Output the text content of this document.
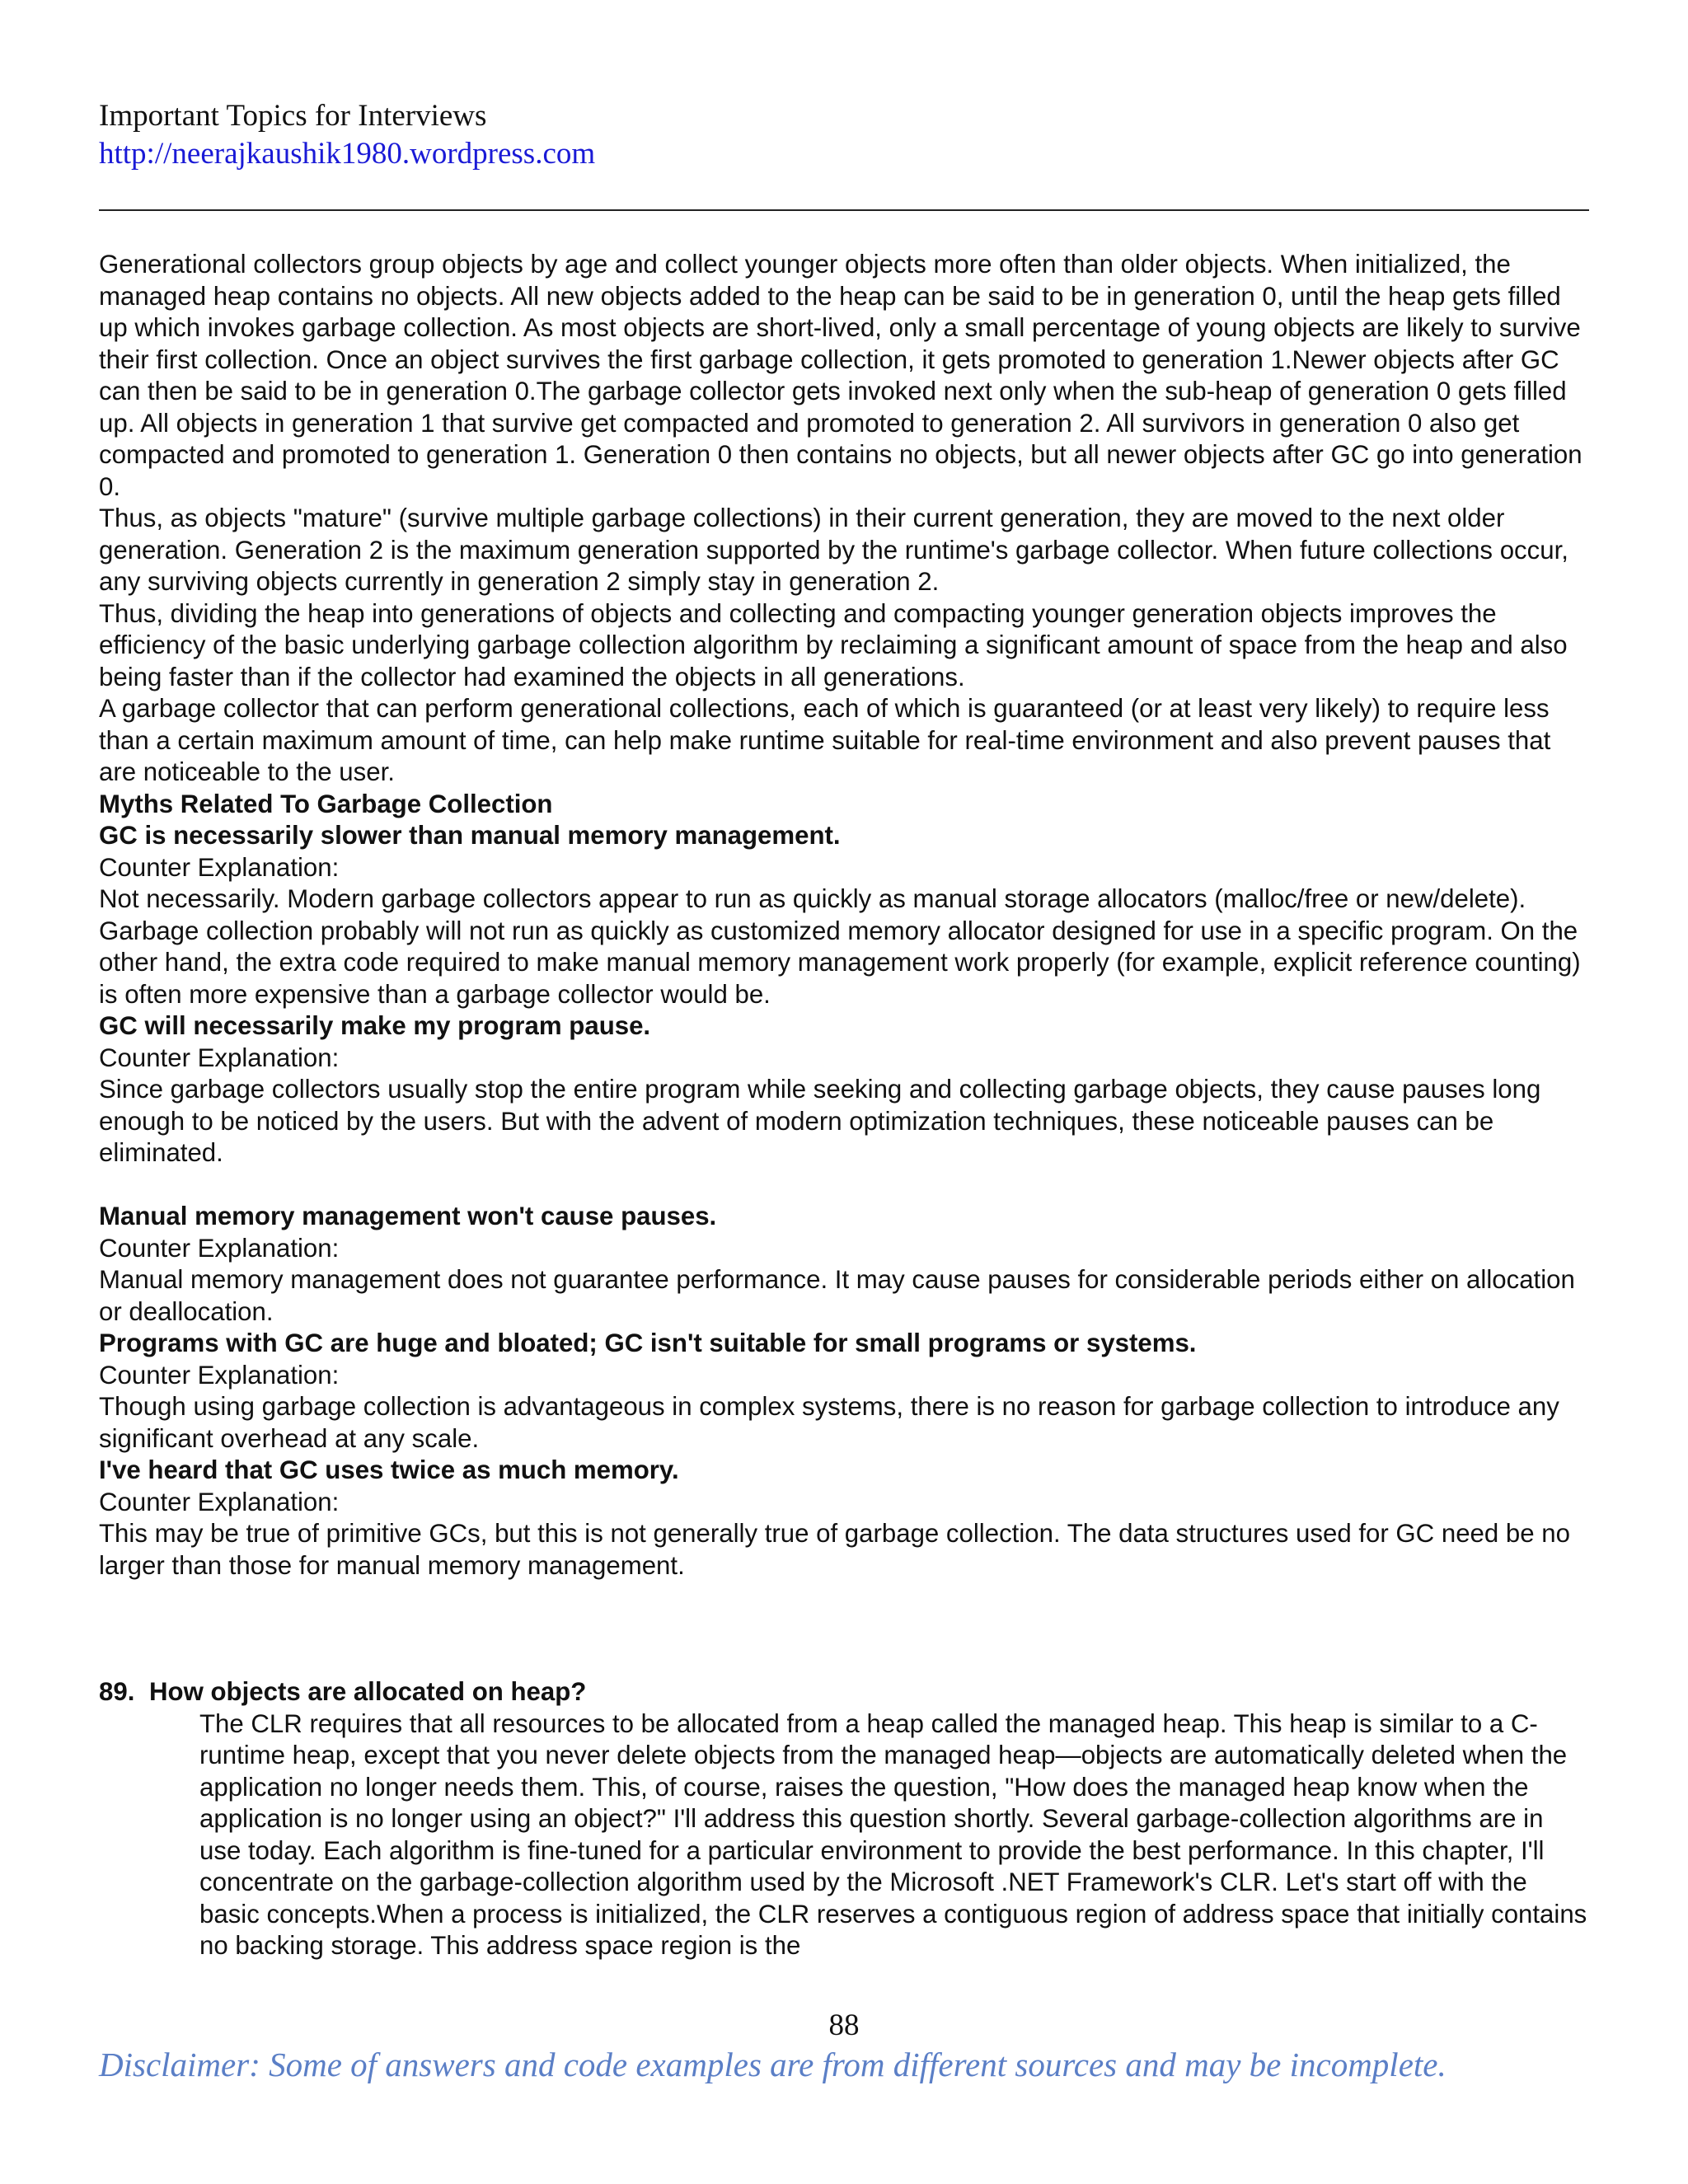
Important Topics for Interviews
http://neerajkaushik1980.wordpress.com

Generational collectors group objects by age and collect younger objects more often than older objects. When initialized, the managed heap contains no objects. All new objects added to the heap can be said to be in generation 0, until the heap gets filled up which invokes garbage collection. As most objects are short-lived, only a small percentage of young objects are likely to survive their first collection. Once an object survives the first garbage collection, it gets promoted to generation 1.Newer objects after GC can then be said to be in generation 0.The garbage collector gets invoked next only when the sub-heap of generation 0 gets filled up. All objects in generation 1 that survive get compacted and promoted to generation 2. All survivors in generation 0 also get compacted and promoted to generation 1. Generation 0 then contains no objects, but all newer objects after GC go into generation 0.

Thus, as objects "mature" (survive multiple garbage collections) in their current generation, they are moved to the next older generation. Generation 2 is the maximum generation supported by the runtime's garbage collector. When future collections occur, any surviving objects currently in generation 2 simply stay in generation 2.

Thus, dividing the heap into generations of objects and collecting and compacting younger generation objects improves the efficiency of the basic underlying garbage collection algorithm by reclaiming a significant amount of space from the heap and also being faster than if the collector had examined the objects in all generations.

A garbage collector that can perform generational collections, each of which is guaranteed (or at least very likely) to require less than a certain maximum amount of time, can help make runtime suitable for real-time environment and also prevent pauses that are noticeable to the user.

Myths Related To Garbage Collection

GC is necessarily slower than manual memory management.

Counter Explanation:

Not necessarily. Modern garbage collectors appear to run as quickly as manual storage allocators (malloc/free or new/delete). Garbage collection probably will not run as quickly as customized memory allocator designed for use in a specific program. On the other hand, the extra code required to make manual memory management work properly (for example, explicit reference counting) is often more expensive than a garbage collector would be.

GC will necessarily make my program pause.

Counter Explanation:

Since garbage collectors usually stop the entire program while seeking and collecting garbage objects, they cause pauses long enough to be noticed by the users. But with the advent of modern optimization techniques, these noticeable pauses can be eliminated.

Manual memory management won't cause pauses.

Counter Explanation:

Manual memory management does not guarantee performance. It may cause pauses for considerable periods either on allocation or deallocation.

Programs with GC are huge and bloated; GC isn't suitable for small programs or systems.

Counter Explanation:

Though using garbage collection is advantageous in complex systems, there is no reason for garbage collection to introduce any significant overhead at any scale.

I've heard that GC uses twice as much memory.

Counter Explanation:

This may be true of primitive GCs, but this is not generally true of garbage collection. The data structures used for GC need be no larger than those for manual memory management.

89. How objects are allocated on heap?

The CLR requires that all resources to be allocated from a heap called the managed heap. This heap is similar to a C-runtime heap, except that you never delete objects from the managed heap—objects are automatically deleted when the application no longer needs them. This, of course, raises the question, "How does the managed heap know when the application is no longer using an object?" I'll address this question shortly. Several garbage-collection algorithms are in use today. Each algorithm is fine-tuned for a particular environment to provide the best performance. In this chapter, I'll concentrate on the garbage-collection algorithm used by the Microsoft .NET Framework's CLR. Let's start off with the basic concepts.When a process is initialized, the CLR reserves a contiguous region of address space that initially contains no backing storage. This address space region is the

88
Disclaimer: Some of answers and code examples are from different sources and may be incomplete.
